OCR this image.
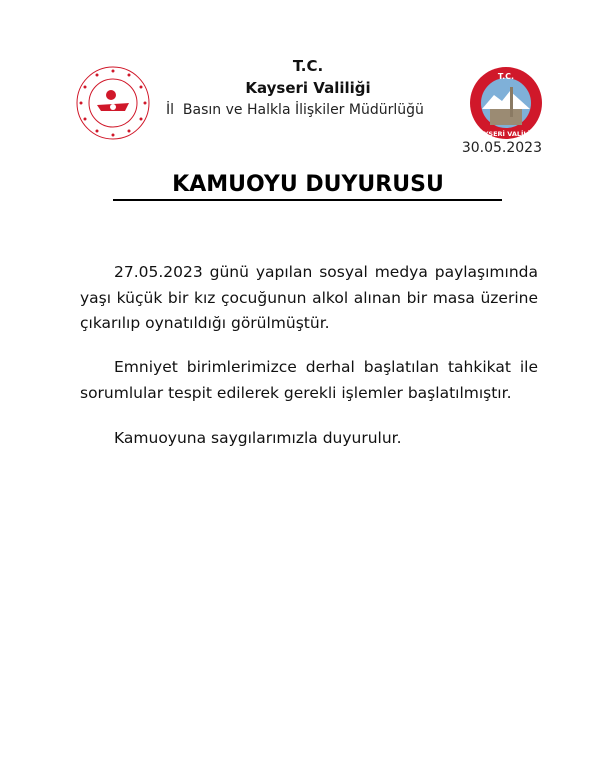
T.C.
KAYSERİ VALİLİĞİ
T.C.
Kayseri Valiliği
İl  Basın ve Halkla İlişkiler Müdürlüğü
30.05.2023
KAMUOYU DUYURUSU
27.05.2023 günü yapılan sosyal medya paylaşımında yaşı küçük bir kız çocuğunun alkol alınan bir masa üzerine çıkarılıp oynatıldığı görülmüştür.
Emniyet birimlerimizce derhal başlatılan tahkikat ile sorumlular tespit edilerek gerekli işlemler başlatılmıştır.
Kamuoyuna saygılarımızla duyurulur.
